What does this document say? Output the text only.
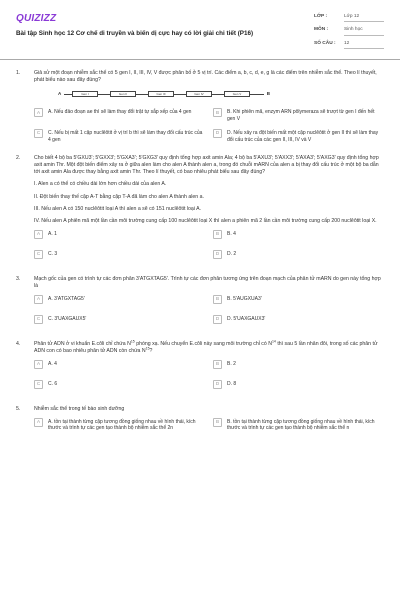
QUIZIZZ
Bài tập Sinh học 12 Cơ chế di truyền và biến dị cực hay có lời giải chi tiết (P16)
LỚP :	Lớp 12
MÔN :	Sinh học
SỐ CÂU :	12
1.	Giả sử một đoạn nhiễm sắc thể có 5 gen I, II, III, IV, V được phân bố ở 5 vị trí. Các điểm a, b, c, d, e, g là các điểm trên nhiễm sắc thể. Theo lí thuyết, phát biểu nào sau đây đúng?
A	Gen I	Gen II	Gen III	Gen IV	Gen V	B
A	A. Nếu đảo đoạn ae thì sẽ làm thay đổi trật tự sắp xếp của 4 gen	B	B. Khi phiên mã, enzym ARN pôlymeraza sẽ trượt từ gen I đến hết gen V
C	C. Nếu bị mất 1 cặp nuclêôtit ở vị trí b thì sẽ làm thay đổi cấu trúc của 4 gen
D	D. Nếu xảy ra đột biến mất một cặp nuclêôtit ở gen II thì sẽ làm thay đổi cấu trúc của các gen II, III, IV và V
2.	Cho biết 4 bộ ba 5'GXU3'; 5'GXX3'; 5'GXA3'; 5'GXG3' quy định tổng hợp axit amin Ala; 4 bộ ba 5'AXU3'; 5'AXX3'; 5'AXA3'; 5'AXG3' quy định tổng hợp axit amin Thr. Một đột biến điểm xảy ra ở giữa alen làm cho alen A thành alen a, trong đó chuỗi mARN của alen a bị thay đổi cấu trúc ở một bộ ba dẫn tới axit amin Ala được thay bằng axit amin Thr. Theo lí thuyết, có bao nhiêu phát biểu sau đây đúng?
I. Alen a có thể có chiều dài lớn hơn chiều dài của alen A.
II. Đột biến thay thế cặp A-T bằng cặp T-A đã làm cho alen A thành alen a.
III. Nếu alen A có 150 nuclêôtit loại A thì alen a sẽ có 151 nuclêôtit loại A.
IV. Nếu alen A phiên mã một lần cần môi trường cung cấp 100 nuclêôtit loại X thì alen a phiên mã 2 lần cần môi trường cung cấp 200 nuclêôtit loại X.
A	A. 1	B	B. 4
C	C. 3	D	D. 2
3.	Mạch gốc của gen có trình tự các đơn phân 3'ATGXTAG5'. Trình tự các đơn phân tương ứng trên đoạn mạch của phân tử mARN do gen này tổng hợp là
A	A. 3'ATGXTAG5'	B	B. 5'AUGXUA3'
C	C. 3'UAXGAUX5'	D	D. 5'UAXGAUX3'
4.	Phân tử ADN ở vi khuẩn E.côli chỉ chứa $N^{15}$ phóng xạ. Nếu chuyển E.côli này sang môi trường chỉ có $N^{14}$ thì sau 5 lần nhân đôi, trong số các phân tử ADN con có bao nhiêu phân tử ADN còn chứa $N^{15}$?
A	A. 4	B	B. 2
C	C. 6	D	D. 8
5.	Nhiễm sắc thể trong tế bào sinh dưỡng
A	A. tồn tại thành từng cặp tương đồng giống nhau về hình thái, kích thước và trình tự các gen tạo thành bộ nhiễm sắc thể 2n
B	B. tồn tại thành từng cặp tương đồng giống nhau về hình thái, kích thước và trình tự các gen tạo thành bộ nhiễm sắc thể n
